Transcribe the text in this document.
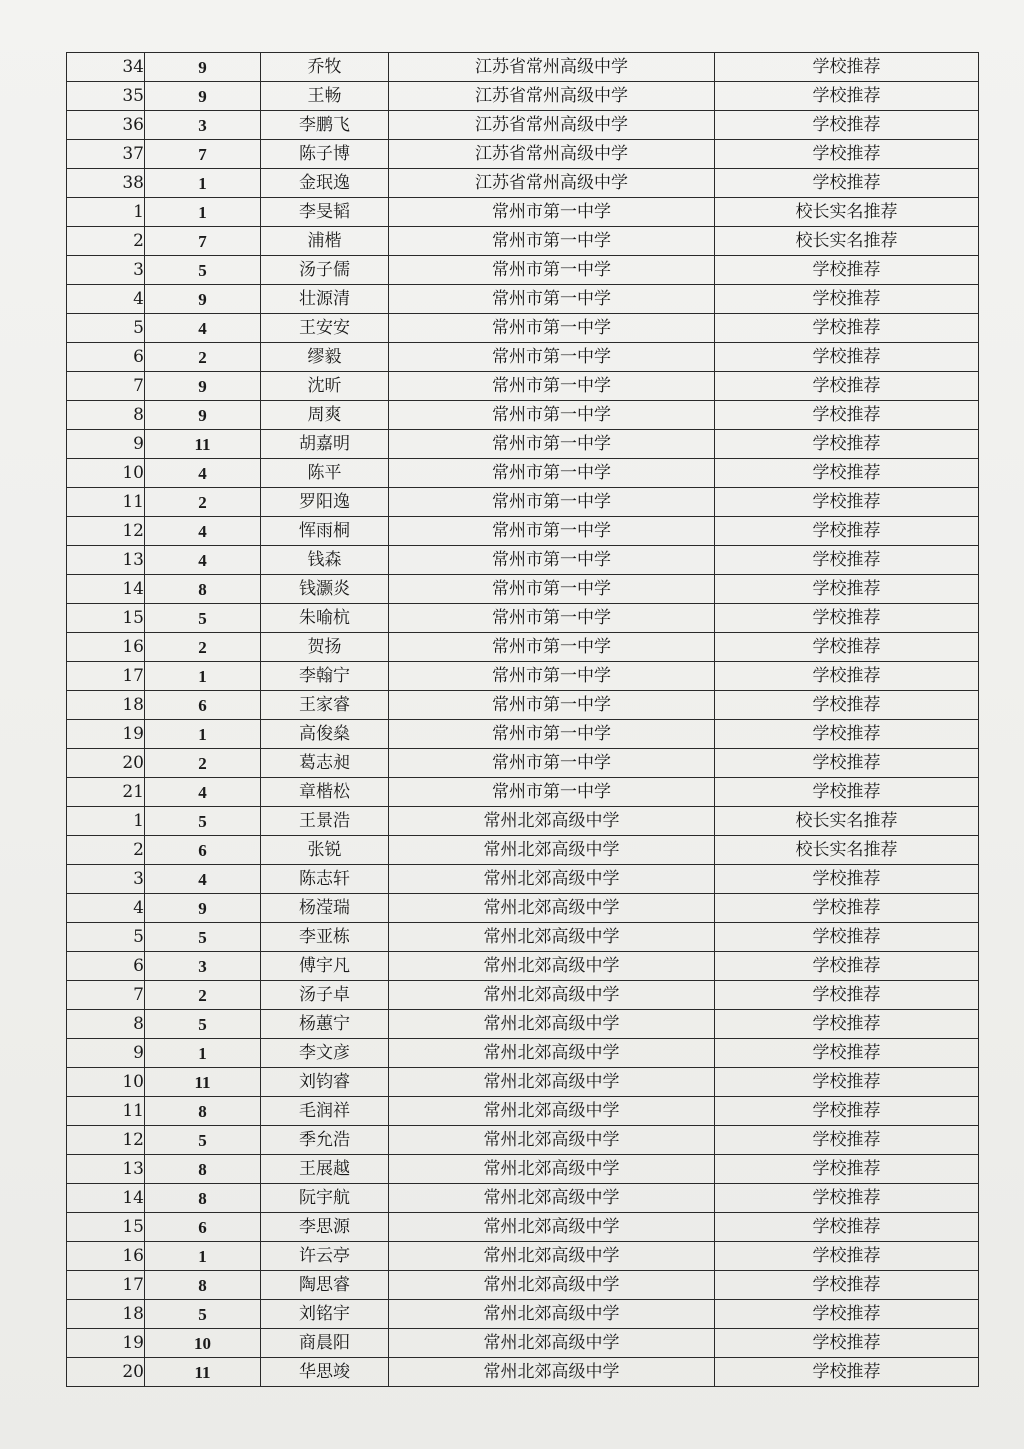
34	9	乔牧	江苏省常州高级中学	学校推荐
35	9	王畅	江苏省常州高级中学	学校推荐
36	3	李鹏飞	江苏省常州高级中学	学校推荐
37	7	陈子博	江苏省常州高级中学	学校推荐
38	1	金珉逸	江苏省常州高级中学	学校推荐
1	1	李旻韬	常州市第一中学	校长实名推荐
2	7	浦楷	常州市第一中学	校长实名推荐
3	5	汤子儒	常州市第一中学	学校推荐
4	9	壮源清	常州市第一中学	学校推荐
5	4	王安安	常州市第一中学	学校推荐
6	2	缪毅	常州市第一中学	学校推荐
7	9	沈昕	常州市第一中学	学校推荐
8	9	周爽	常州市第一中学	学校推荐
9	11	胡嘉明	常州市第一中学	学校推荐
10	4	陈平	常州市第一中学	学校推荐
11	2	罗阳逸	常州市第一中学	学校推荐
12	4	恽雨桐	常州市第一中学	学校推荐
13	4	钱森	常州市第一中学	学校推荐
14	8	钱灏炎	常州市第一中学	学校推荐
15	5	朱喻杭	常州市第一中学	学校推荐
16	2	贺扬	常州市第一中学	学校推荐
17	1	李翰宁	常州市第一中学	学校推荐
18	6	王家睿	常州市第一中学	学校推荐
19	1	高俊燊	常州市第一中学	学校推荐
20	2	葛志昶	常州市第一中学	学校推荐
21	4	章楷松	常州市第一中学	学校推荐
1	5	王景浩	常州北郊高级中学	校长实名推荐
2	6	张锐	常州北郊高级中学	校长实名推荐
3	4	陈志轩	常州北郊高级中学	学校推荐
4	9	杨滢瑞	常州北郊高级中学	学校推荐
5	5	李亚栋	常州北郊高级中学	学校推荐
6	3	傅宇凡	常州北郊高级中学	学校推荐
7	2	汤子卓	常州北郊高级中学	学校推荐
8	5	杨蕙宁	常州北郊高级中学	学校推荐
9	1	李文彦	常州北郊高级中学	学校推荐
10	11	刘钧睿	常州北郊高级中学	学校推荐
11	8	毛润祥	常州北郊高级中学	学校推荐
12	5	季允浩	常州北郊高级中学	学校推荐
13	8	王展越	常州北郊高级中学	学校推荐
14	8	阮宇航	常州北郊高级中学	学校推荐
15	6	李思源	常州北郊高级中学	学校推荐
16	1	许云亭	常州北郊高级中学	学校推荐
17	8	陶思睿	常州北郊高级中学	学校推荐
18	5	刘铭宇	常州北郊高级中学	学校推荐
19	10	商晨阳	常州北郊高级中学	学校推荐
20	11	华思竣	常州北郊高级中学	学校推荐
